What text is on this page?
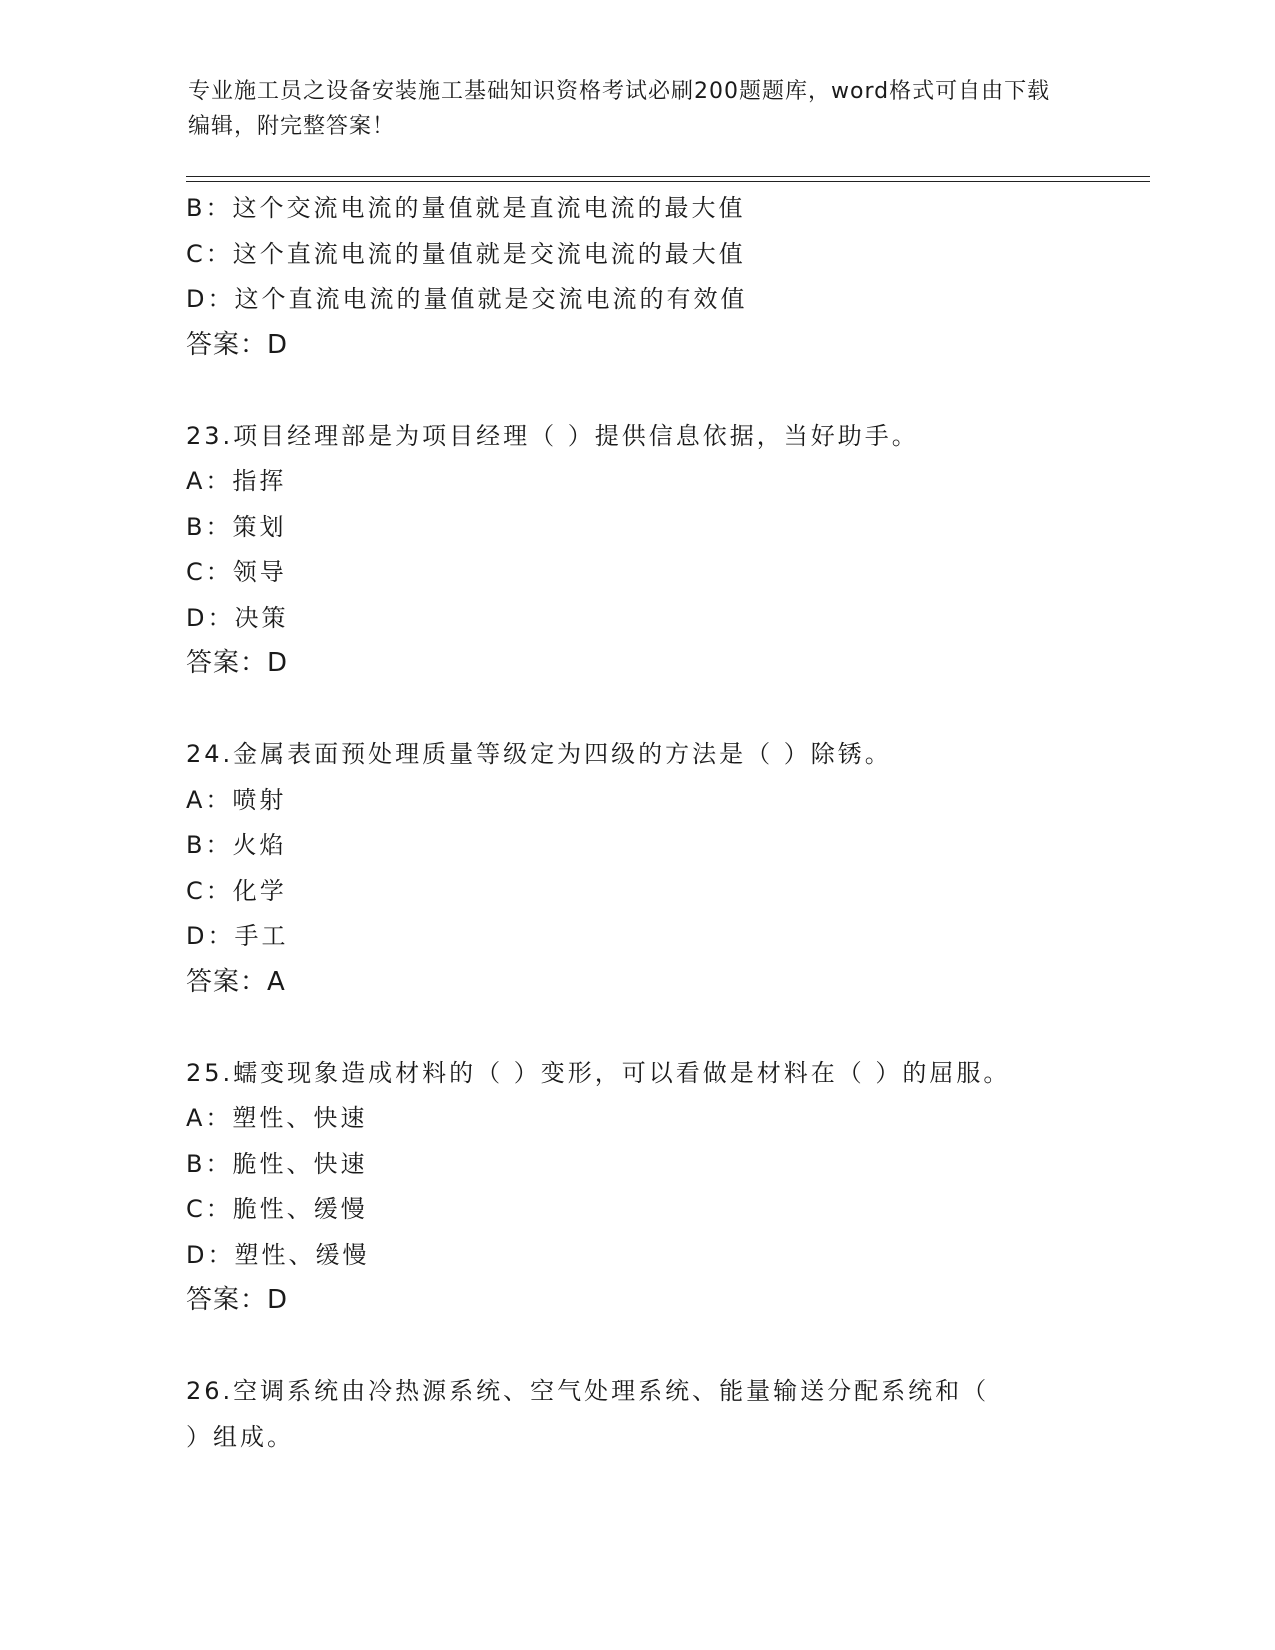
专业施工员之设备安装施工基础知识资格考试必刷200题题库，word格式可自由下载编辑，附完整答案！
B：这个交流电流的量值就是直流电流的最大值
C：这个直流电流的量值就是交流电流的最大值
D：这个直流电流的量值就是交流电流的有效值
答案：D
23.项目经理部是为项目经理（ ）提供信息依据，当好助手。
A：指挥
B：策划
C：领导
D：决策
答案：D
24.金属表面预处理质量等级定为四级的方法是（ ）除锈。
A：喷射
B：火焰
C：化学
D：手工
答案：A
25.蠕变现象造成材料的（ ）变形，可以看做是材料在（ ）的屈服。
A：塑性、快速
B：脆性、快速
C：脆性、缓慢
D：塑性、缓慢
答案：D
26.空调系统由冷热源系统、空气处理系统、能量输送分配系统和（
）组成。
